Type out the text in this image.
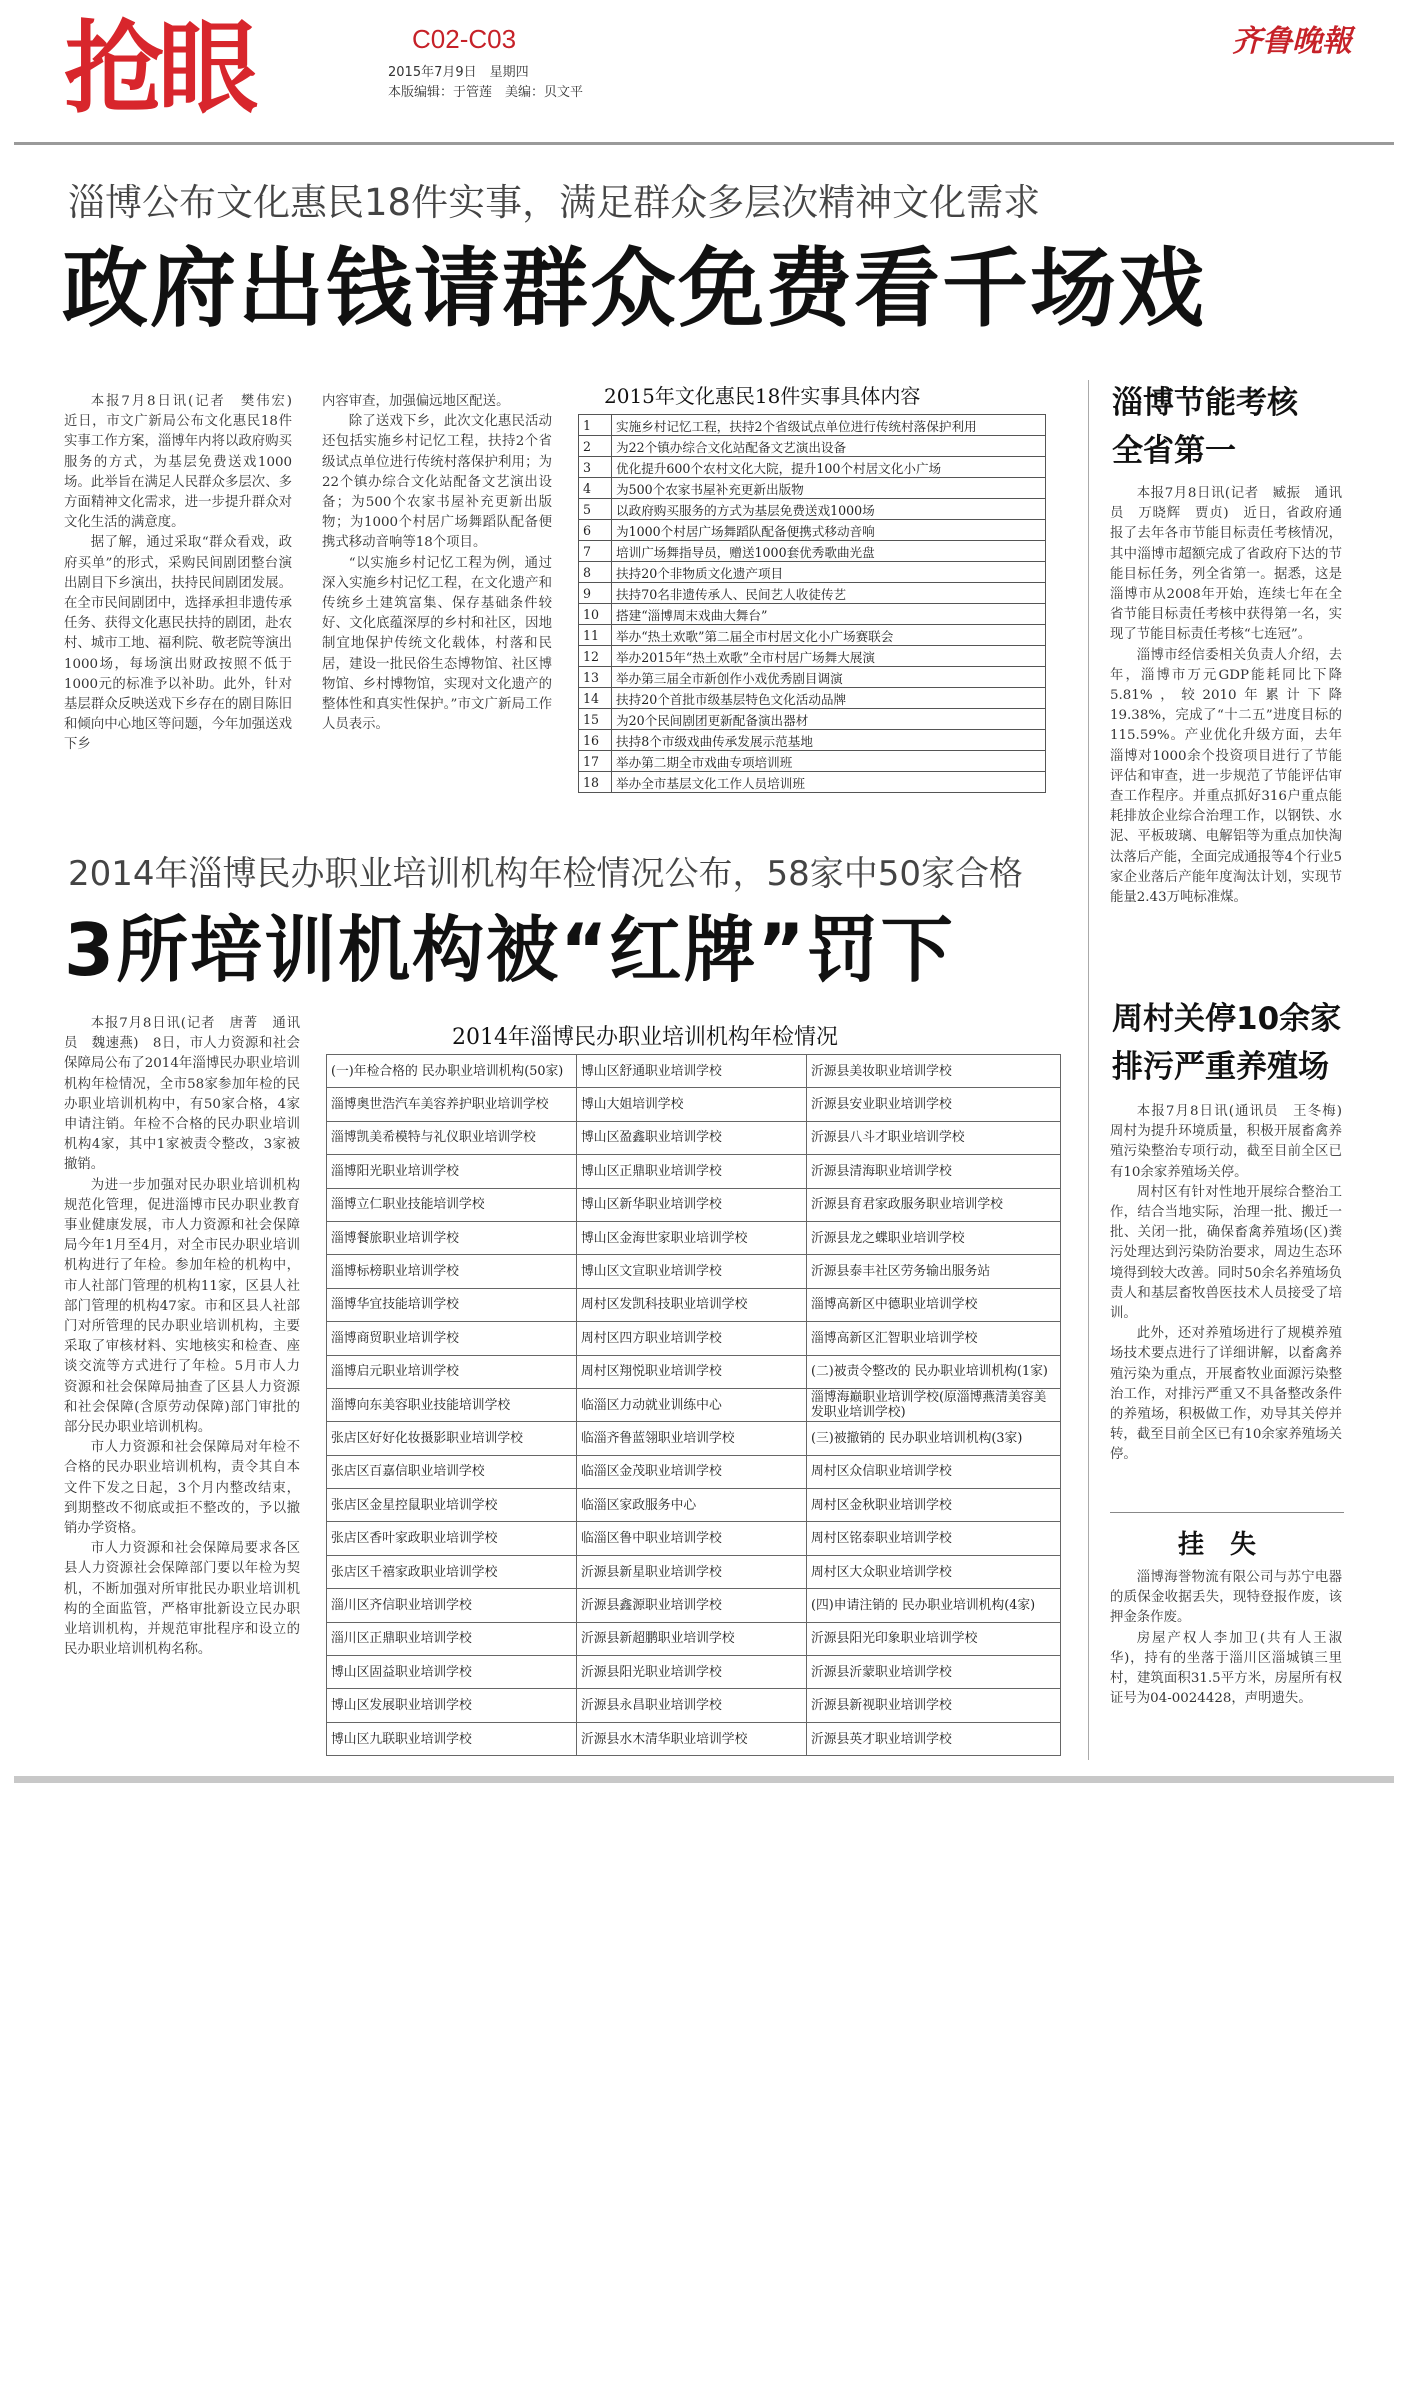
抢眼	C02-C03
2015年7月9日　星期四
本版编辑：于管莲　美编：贝文平
齐鲁晚報
淄博公布文化惠民18件实事，满足群众多层次精神文化需求
政府出钱请群众免费看千场戏

本报7月8日讯(记者　樊伟宏)　近日，市文广新局公布文化惠民18件实事工作方案，淄博年内将以政府购买服务的方式，为基层免费送戏1000场。此举旨在满足人民群众多层次、多方面精神文化需求，进一步提升群众对文化生活的满意度。

据了解，通过采取“群众看戏，政府买单”的形式，采购民间剧团整台演出剧目下乡演出，扶持民间剧团发展。在全市民间剧团中，选择承担非遗传承任务、获得文化惠民扶持的剧团，赴农村、城市工地、福利院、敬老院等演出1000场，每场演出财政按照不低于1000元的标准予以补助。此外，针对基层群众反映送戏下乡存在的剧目陈旧和倾向中心地区等问题，今年加强送戏下乡

内容审查，加强偏远地区配送。

除了送戏下乡，此次文化惠民活动还包括实施乡村记忆工程，扶持2个省级试点单位进行传统村落保护利用；为22个镇办综合文化站配备文艺演出设备；为500个农家书屋补充更新出版物；为1000个村居广场舞蹈队配备便携式移动音响等18个项目。

“以实施乡村记忆工程为例，通过深入实施乡村记忆工程，在文化遗产和传统乡土建筑富集、保存基础条件较好、文化底蕴深厚的乡村和社区，因地制宜地保护传统文化载体，村落和民居，建设一批民俗生态博物馆、社区博物馆、乡村博物馆，实现对文化遗产的整体性和真实性保护。”市文广新局工作人员表示。

2015年文化惠民18件实事具体内容
1	实施乡村记忆工程，扶持2个省级试点单位进行传统村落保护利用
2	为22个镇办综合文化站配备文艺演出设备
3	优化提升600个农村文化大院，提升100个村居文化小广场
4	为500个农家书屋补充更新出版物
5	以政府购买服务的方式为基层免费送戏1000场
6	为1000个村居广场舞蹈队配备便携式移动音响
7	培训广场舞指导员，赠送1000套优秀歌曲光盘
8	扶持20个非物质文化遗产项目
9	扶持70名非遗传承人、民间艺人收徒传艺
10	搭建“淄博周末戏曲大舞台”
11	举办“热土欢歌”第二届全市村居文化小广场赛联会
12	举办2015年“热土欢歌”全市村居广场舞大展演
13	举办第三届全市新创作小戏优秀剧目调演
14	扶持20个首批市级基层特色文化活动品牌
15	为20个民间剧团更新配备演出器材
16	扶持8个市级戏曲传承发展示范基地
17	举办第二期全市戏曲专项培训班
18	举办全市基层文化工作人员培训班
2014年淄博民办职业培训机构年检情况公布，58家中50家合格
3所培训机构被“红牌”罚下

本报7月8日讯(记者　唐菁　通讯员　魏速燕)　8日，市人力资源和社会保障局公布了2014年淄博民办职业培训机构年检情况，全市58家参加年检的民办职业培训机构中，有50家合格，4家申请注销。年检不合格的民办职业培训机构4家，其中1家被责令整改，3家被撤销。

为进一步加强对民办职业培训机构规范化管理，促进淄博市民办职业教育事业健康发展，市人力资源和社会保障局今年1月至4月，对全市民办职业培训机构进行了年检。参加年检的机构中，市人社部门管理的机构11家，区县人社部门管理的机构47家。市和区县人社部门对所管理的民办职业培训机构，主要采取了审核材料、实地核实和检查、座谈交流等方式进行了年检。5月市人力资源和社会保障局抽查了区县人力资源和社会保障(含原劳动保障)部门审批的部分民办职业培训机构。

市人力资源和社会保障局对年检不合格的民办职业培训机构，责令其自本文件下发之日起，3个月内整改结束，到期整改不彻底或拒不整改的，予以撤销办学资格。

市人力资源和社会保障局要求各区县人力资源社会保障部门要以年检为契机，不断加强对所审批民办职业培训机构的全面监管，严格审批新设立民办职业培训机构，并规范审批程序和设立的民办职业培训机构名称。

2014年淄博民办职业培训机构年检情况
(一)年检合格的 民办职业培训机构(50家)	博山区舒通职业培训学校	沂源县美妆职业培训学校
淄博奥世浩汽车美容养护职业培训学校	博山大姐培训学校	沂源县安业职业培训学校
淄博凯美希模特与礼仪职业培训学校	博山区盈鑫职业培训学校	沂源县八斗才职业培训学校
淄博阳光职业培训学校	博山区正鼎职业培训学校	沂源县清海职业培训学校
淄博立仁职业技能培训学校	博山区新华职业培训学校	沂源县育君家政服务职业培训学校
淄博餐旅职业培训学校	博山区金海世家职业培训学校	沂源县龙之蝶职业培训学校
淄博标榜职业培训学校	博山区文宣职业培训学校	沂源县泰丰社区劳务输出服务站
淄博华宜技能培训学校	周村区发凯科技职业培训学校	淄博高新区中德职业培训学校
淄博商贸职业培训学校	周村区四方职业培训学校	淄博高新区汇智职业培训学校
淄博启元职业培训学校	周村区翔悦职业培训学校	(二)被责令整改的 民办职业培训机构(1家)
淄博向东美容职业技能培训学校	临淄区力动就业训练中心	淄博海巅职业培训学校(原淄博燕清美容美发职业培训学校)
张店区好好化妆摄影职业培训学校	临淄齐鲁蓝翎职业培训学校	(三)被撤销的 民办职业培训机构(3家)
张店区百嘉信职业培训学校	临淄区金茂职业培训学校	周村区众信职业培训学校
张店区金星控鼠职业培训学校	临淄区家政服务中心	周村区金秋职业培训学校
张店区香叶家政职业培训学校	临淄区鲁中职业培训学校	周村区铭泰职业培训学校
张店区千禧家政职业培训学校	沂源县新星职业培训学校	周村区大众职业培训学校
淄川区齐信职业培训学校	沂源县鑫源职业培训学校	(四)申请注销的 民办职业培训机构(4家)
淄川区正鼎职业培训学校	沂源县新超鹏职业培训学校	沂源县阳光印象职业培训学校
博山区固益职业培训学校	沂源县阳光职业培训学校	沂源县沂蒙职业培训学校
博山区发展职业培训学校	沂源县永昌职业培训学校	沂源县新视职业培训学校
博山区九联职业培训学校	沂源县水木清华职业培训学校	沂源县英才职业培训学校
淄博节能考核
全省第一

本报7月8日讯(记者　臧振　通讯员　万晓辉　贾贞)　近日，省政府通报了去年各市节能目标责任考核情况，其中淄博市超额完成了省政府下达的节能目标任务，列全省第一。据悉，这是淄博市从2008年开始，连续七年在全省节能目标责任考核中获得第一名，实现了节能目标责任考核“七连冠”。

淄博市经信委相关负责人介绍，去年，淄博市万元GDP能耗同比下降5.81%，较2010年累计下降19.38%，完成了“十二五”进度目标的115.59%。产业优化升级方面，去年淄博对1000余个投资项目进行了节能评估和审查，进一步规范了节能评估审查工作程序。并重点抓好316户重点能耗排放企业综合治理工作，以钢铁、水泥、平板玻璃、电解铝等为重点加快淘汰落后产能，全面完成通报等4个行业5家企业落后产能年度淘汰计划，实现节能量2.43万吨标准煤。

周村关停10余家
排污严重养殖场

本报7月8日讯(通讯员　王冬梅)　周村为提升环境质量，积极开展畜禽养殖污染整治专项行动，截至目前全区已有10余家养殖场关停。

周村区有针对性地开展综合整治工作，结合当地实际，治理一批、搬迁一批、关闭一批，确保畜禽养殖场(区)粪污处理达到污染防治要求，周边生态环境得到较大改善。同时50余名养殖场负责人和基层畜牧兽医技术人员接受了培训。

此外，还对养殖场进行了规模养殖场技术要点进行了详细讲解，以畜禽养殖污染为重点，开展畜牧业面源污染整治工作，对排污严重又不具备整改条件的养殖场，积极做工作，劝导其关停并转，截至目前全区已有10余家养殖场关停。

挂　失

淄博海誉物流有限公司与苏宁电器的质保金收据丢失，现特登报作废，该押金条作废。

房屋产权人李加卫(共有人王淑华)，持有的坐落于淄川区淄城镇三里村，建筑面积31.5平方米，房屋所有权证号为04-0024428，声明遗失。
